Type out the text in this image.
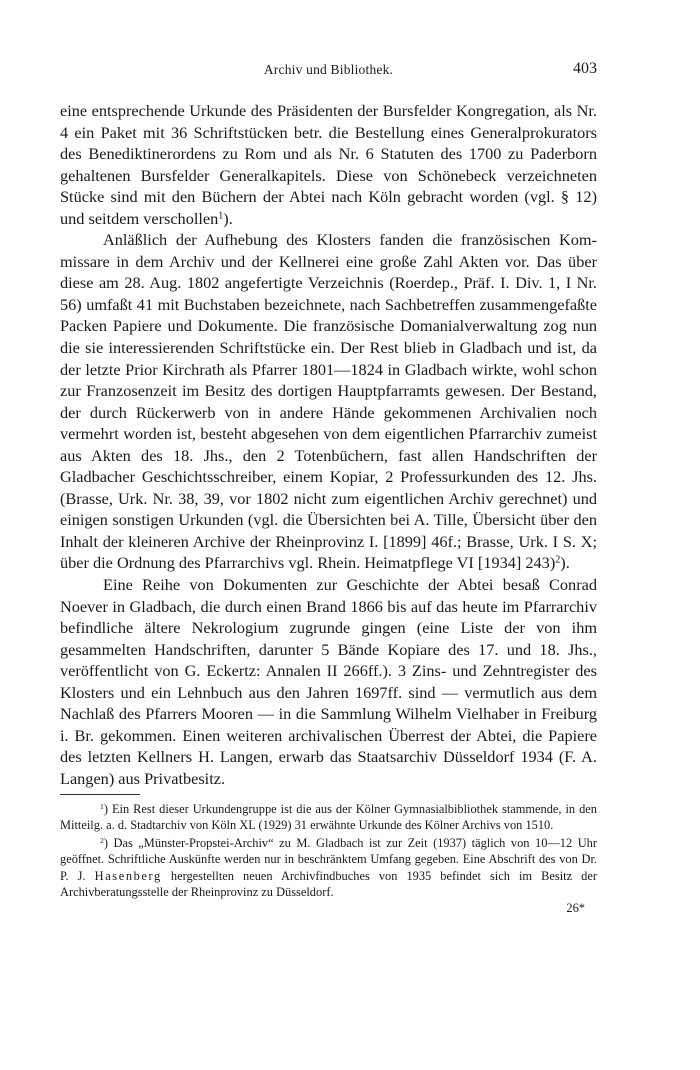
Archiv und Bibliothek.	403

eine entsprechende Urkunde des Präsidenten der Bursfelder Kongregation, als Nr. 4 ein Paket mit 36 Schriftstücken betr. die Bestellung eines Generalprokurators des Benediktinerordens zu Rom und als Nr. 6 Statuten des 1700 zu Paderborn gehaltenen Bursfelder Generalkapitels. Diese von Schönebeck verzeichneten Stücke sind mit den Büchern der Abtei nach Köln gebracht worden (vgl. § 12) und seitdem verschollen$^1$).

Anläßlich der Aufhebung des Klosters fanden die französischen Kommissare in dem Archiv und der Kellnerei eine große Zahl Akten vor. Das über diese am 28. Aug. 1802 angefertigte Verzeichnis (Roerdep., Präf. I. Div. 1, I Nr. 56) umfaßt 41 mit Buchstaben bezeichnete, nach Sachbetreffen zusammengefaßte Packen Papiere und Dokumente. Die französische Domanialverwaltung zog nun die sie interessierenden Schriftstücke ein. Der Rest blieb in Gladbach und ist, da der letzte Prior Kirchrath als Pfarrer 1801—1824 in Gladbach wirkte, wohl schon zur Franzosenzeit im Besitz des dortigen Hauptpfarramts gewesen. Der Bestand, der durch Rückerwerb von in andere Hände gekommenen Archivalien noch vermehrt worden ist, besteht abgesehen von dem eigentlichen Pfarrarchiv zumeist aus Akten des 18. Jhs., den 2 Totenbüchern, fast allen Handschriften der Gladbacher Geschichtsschreiber, einem Kopiar, 2 Professurkunden des 12. Jhs. (Brasse, Urk. Nr. 38, 39, vor 1802 nicht zum eigentlichen Archiv gerechnet) und einigen sonstigen Urkunden (vgl. die Übersichten bei A. Tille, Übersicht über den Inhalt der kleineren Archive der Rheinprovinz I. [1899] 46f.; Brasse, Urk. I S. X; über die Ordnung des Pfarrarchivs vgl. Rhein. Heimatpflege VI [1934] 243)$^2$).

Eine Reihe von Dokumenten zur Geschichte der Abtei besaß Conrad Noever in Gladbach, die durch einen Brand 1866 bis auf das heute im Pfarrarchiv befindliche ältere Nekrologium zugrunde gingen (eine Liste der von ihm gesammelten Handschriften, darunter 5 Bände Kopiare des 17. und 18. Jhs., veröffentlicht von G. Eckertz: Annalen II 266ff.). 3 Zins- und Zehntregister des Klosters und ein Lehnbuch aus den Jahren 1697ff. sind — vermutlich aus dem Nachlaß des Pfarrers Mooren — in die Sammlung Wilhelm Vielhaber in Freiburg i. Br. gekommen. Einen weiteren archivalischen Überrest der Abtei, die Papiere des letzten Kellners H. Langen, erwarb das Staatsarchiv Düsseldorf 1934 (F. A. Langen) aus Privatbesitz.

$^1$) Ein Rest dieser Urkundengruppe ist die aus der Kölner Gymnasialbibliothek stammende, in den Mitteilg. a. d. Stadtarchiv von Köln XL (1929) 31 erwähnte Urkunde des Kölner Archivs von 1510.

$^2$) Das „Münster-Propstei-Archiv“ zu M. Gladbach ist zur Zeit (1937) täglich von 10—12 Uhr geöffnet. Schriftliche Auskünfte werden nur in beschränktem Umfang gegeben. Eine Abschrift des von Dr. P. J. Hasenberg hergestellten neuen Archivfindbuches von 1935 befindet sich im Besitz der Archivberatungsstelle der Rheinprovinz zu Düsseldorf.

26*
